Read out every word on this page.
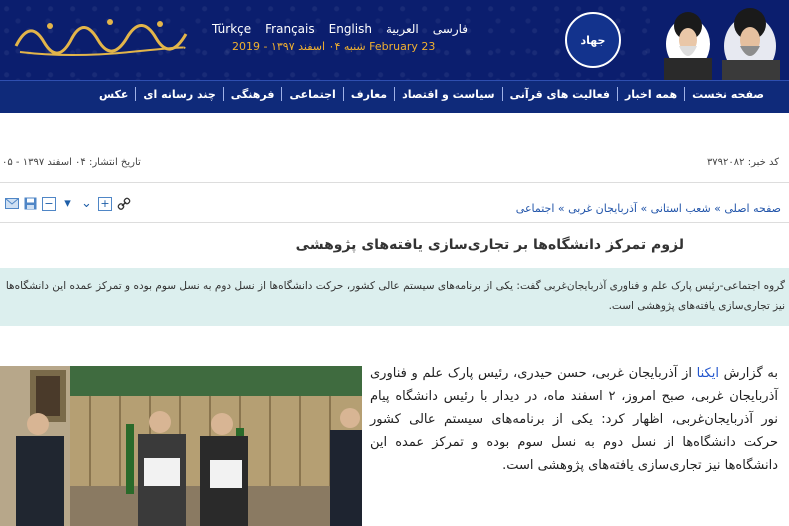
Türkçe Français English العربیة فارسی
شنبه ۰۴ اسفند ۱۳۹۷ - 2019 February 23	جهاد
صفحه نخست
همه اخبار
فعالیت های قرآنی
سیاست و اقتصاد
معارف
اجتماعی
فرهنگی
چند رسانه ای
عکس
کد خبر: ۳۷۹۲۰۸۲
تاریخ انتشار: ۰۴ اسفند ۱۳۹۷ - ۰۵
− ▾ ⌄ +	صفحه اصلی » شعب استانی » آذربایجان غربی » اجتماعی
لزوم تمرکز دانشگاه‌ها بر تجاری‌سازی یافته‌های پژوهشی

گروه اجتماعی-رئیس پارک علم و فناوری آذربایجان‌غربی گفت: یکی از برنامه‌های سیستم عالی کشور، حرکت دانشگاه‌ها از نسل دوم به نسل سوم بوده و تمرکز عمده این دانشگاه‌ها نیز تجاری‌سازی یافته‌های پژوهشی است.

به گزارش ایکنا از آذربایجان غربی، حسن حیدری، رئیس پارک علم و فناوری آذربایجان غربی، صبح امروز، ۲ اسفند ماه، در دیدار با رئیس دانشگاه پیام نور آذربایجان‌غربی، اظهار کرد: یکی از برنامه‌های سیستم عالی کشور حرکت دانشگاه‌ها از نسل دوم به نسل سوم بوده و تمرکز عمده این دانشگاه‌ها نیز تجاری‌سازی یافته‌های پژوهشی است.
